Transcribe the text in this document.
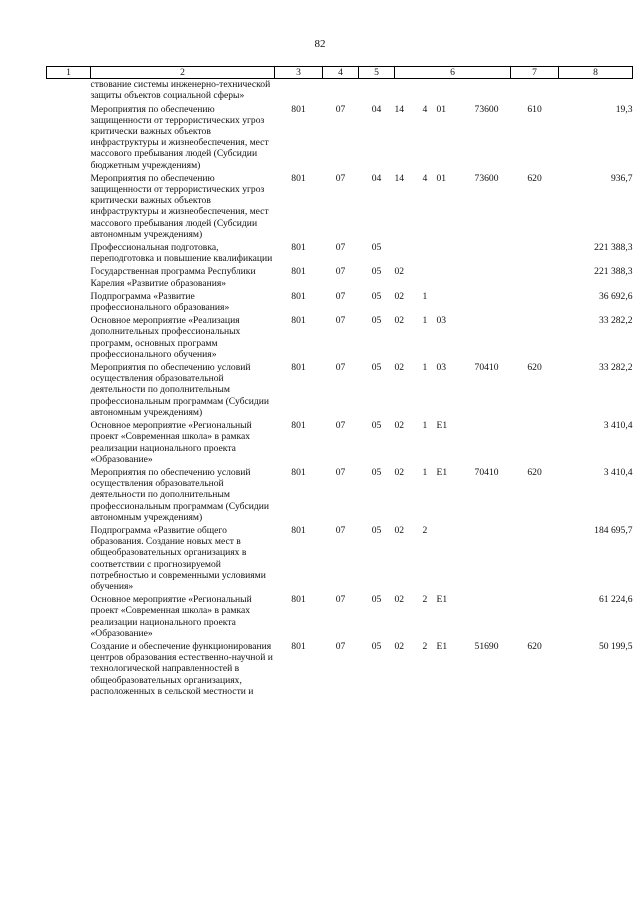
82
1	2	3	4	5	6				7	8
	ствование системы инженерно-технической защиты объектов социальной сферы»									
	Мероприятия по обеспечению защищенности от террористических угроз критически важных объектов инфраструктуры и жизнеобеспечения, мест массового пребывания людей (Субсидии бюджетным учреждениям)	801	07	04	14	4	01	73600	610	19,3
	Мероприятия по обеспечению защищенности от террористических угроз критически важных объектов инфраструктуры и жизнеобеспечения, мест массового пребывания людей (Субсидии автономным учреждениям)	801	07	04	14	4	01	73600	620	936,7
	Профессиональная подготовка, переподготовка и повышение квалификации	801	07	05						221 388,3
	Государственная программа Республики Карелия «Развитие образования»	801	07	05	02					221 388,3
	Подпрограмма «Развитие профессионального образования»	801	07	05	02	1				36 692,6
	Основное мероприятие «Реализация дополнительных профессиональных программ, основных программ профессионального обучения»	801	07	05	02	1	03			33 282,2
	Мероприятия по обеспечению условий осуществления образовательной деятельности по дополнительным профессиональным программам (Субсидии автономным учреждениям)	801	07	05	02	1	03	70410	620	33 282,2
	Основное мероприятие «Региональный проект «Современная школа» в рамках реализации национального проекта «Образование»	801	07	05	02	1	E1			3 410,4
	Мероприятия по обеспечению условий осуществления образовательной деятельности по дополнительным профессиональным программам (Субсидии автономным учреждениям)	801	07	05	02	1	E1	70410	620	3 410,4
	Подпрограмма «Развитие общего образования. Создание новых мест в общеобразовательных организациях в соответствии с прогнозируемой потребностью и современными условиями обучения»	801	07	05	02	2				184 695,7
	Основное мероприятие «Региональный проект «Современная школа» в рамках реализации национального проекта «Образование»	801	07	05	02	2	E1			61 224,6
	Создание и обеспечение функционирования центров образования естественно-научной и технологической направленностей в общеобразовательных организациях, расположенных в сельской местности и	801	07	05	02	2	E1	51690	620	50 199,5
